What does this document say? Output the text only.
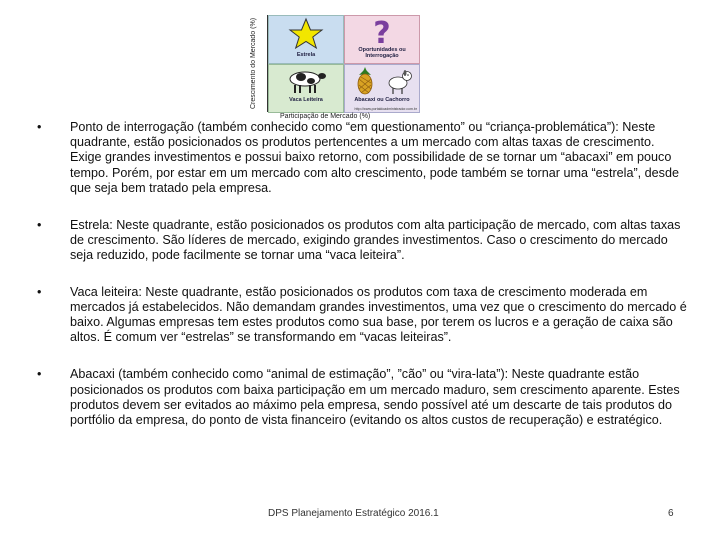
Crescimento do Mercado (%)	Estrela
?
Oportunidades ou Interrogação
Vaca Leiteira	Abacaxi ou Cachorro
http://www.portaldoadministrador.com.br
Participação de Mercado (%)
• Ponto de interrogação (também conhecido como “em questionamento” ou “criança-problemática”): Neste quadrante, estão posicionados os produtos pertencentes a um mercado com altas taxas de crescimento. Exige grandes investimentos e possui baixo retorno, com possibilidade de se tornar um “abacaxi” em pouco tempo. Porém, por estar em um mercado com alto crescimento, pode também se tornar uma “estrela”, desde que seja bem tratado pela empresa.
• Estrela: Neste quadrante, estão posicionados os produtos com alta participação de mercado, com altas taxas de crescimento. São líderes de mercado, exigindo grandes investimentos. Caso o crescimento do mercado seja reduzido, pode facilmente se tornar uma “vaca leiteira”.
• Vaca leiteira: Neste quadrante, estão posicionados os produtos com taxa de crescimento moderada em mercados já estabelecidos. Não demandam grandes investimentos, uma vez que o crescimento do mercado é baixo. Algumas empresas tem estes produtos como sua base, por terem os lucros e a geração de caixa são altos. É comum ver “estrelas” se transformando em “vacas leiteiras”.
• Abacaxi (também conhecido como “animal de estimação”, ”cão” ou “vira-lata”): Neste quadrante estão posicionados os produtos com baixa participação em um mercado maduro, sem crescimento aparente. Estes produtos devem ser evitados ao máximo pela empresa, sendo possível até um descarte de tais produtos do portfólio da empresa, do ponto de vista financeiro (evitando os altos custos de recuperação) e estratégico.
DPS Planejamento Estratégico 2016.1	6
